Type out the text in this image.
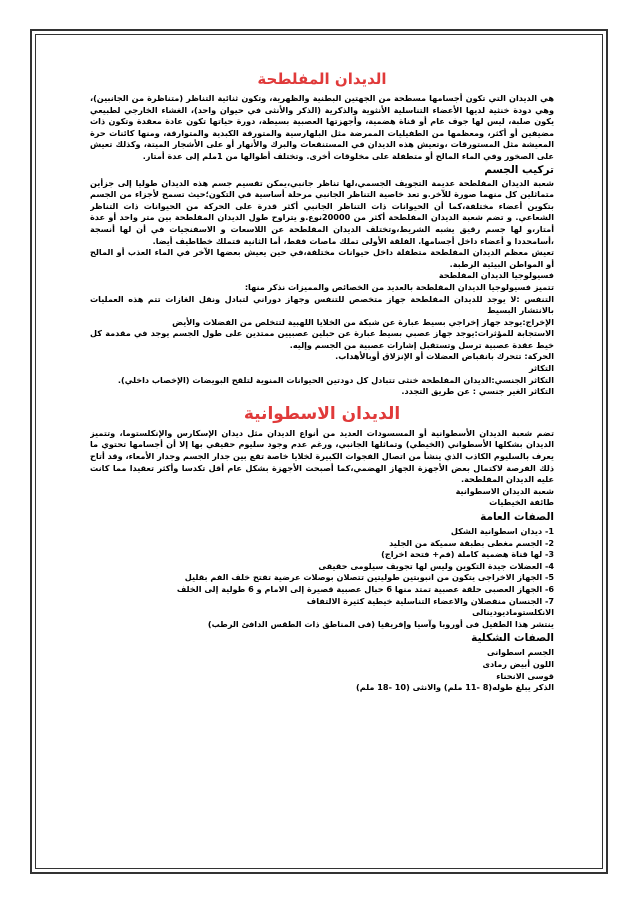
الديدان المفلطحة

هي الديدان التي تكون أجسامها مسطحة من الجهتين البطنية والظهرية، وتكون ثنائية التناظر (متناظرة من الجانبين)، وهي دودة خنثية لديها الأعضاء التناسلية الأنثوية والذكرية (الذكر والأنثى في حيوان واحد)، الغشاء الخارجي لطبيعي يكون صلبة، ليس لها جوف عام أو قناة هضمية، وأجهزتها العصبية بسيطة، دورة حياتها تكون عادة معقدة وتكون ذات مضيفين أو أكثر، ومعظمها من الطفيليات الممرضة مثل البلهارسية والمتورقة الكبدية والمتوارقة، ومنها كائنات حرة المعيشة مثل المستورقات ،وتعيش هذه الديدان في المستنقعات والبرك والأنهار أو على الأشجار الميتة، وكذلك تعيش على الصخور وفي الماء المالح أو متطفلة على مخلوقات أخرى. وتختلف أطوالها من 1ملم إلى عدة أمتار.

تركيب الجسم

شعبة الديدان المفلطحة عديمة التجويف الجسمي،لها تناظر جانبي،يمكن تقسيم جسم هذه الديدان طوليا إلى جزأين متماثلين كل منهما صورة للآخر.و تعد خاصية التناظر الجانبي مرحلة أساسية في التكون؛حيث تسمح لأجزاء من الجسم بتكوين أعضاء مختلفة،كما أن الحيوانات ذات التناظر الجانبي أكثر قدرة على الحركة من الحيوانات ذات التناظر الشعاعي. و تضم شعبة الديدان المفلطحة أكثر من 20000نوع.و يتراوح طول الديدان المفلطحة بين متر واحد أو عدة أمتار،و لها جسم رقيق يشبه الشريط،وتختلف الديدان المفلطحة عن اللاسعات و الاسفنجيات في أن لها أنسجة ،أسامحددا و أعضاء داخل أجسامها. الفلقة الأولى تملك ماصات فقط، أما الثانية فتملك خطاطيف أيضا.

تعيش معظم الديدان المفلطحة متطفلة داخل حيوانات مختلفة،في حين يعيش بعضها الآخر في الماء العذب أو المالح أو المواطن البيئية الرطبة.

فسيولوجيا الديدان المفلطحة

تتميز فسيولوجيا الديدان المفلطحة بالعديد من الخصائص والمميزات نذكر منها:

التنفس :لا يوجد للديدان المفلطحة جهاز متخصص للتنفس وجهاز دوراني لتبادل ونقل الغازات تتم هذه العمليات بالانتشار البسيط

الإخراج:يوجد جهاز إخراجي بسيط عبارة عن شبكة من الخلايا اللهبية لتتخلص من الفضلات والأيض

الاستجابة للمؤثرات:يوجد جهاز عصبي بسيط عبارة عن حبلين عصبيين ممتدين على طول الجسم يوجد في مقدمة كل خيط عقدة عصبية ترسل وتستقبل إشارات عصبية من الجسم وإليه.

الحركة: تتحرك بانقباض العضلات أو الإنزلاق أوبالأهداب.

التكاثر

التكاثر الجنسي:الديدان المفلطحة خنثى تتبادل كل دودتين الحيوانات المنوية لتلقح البويضات (الإخصاب داخلي).

التكاثر الغير جنسي : عن طريق التجدد.

الديدان الاسطوانية

تضم شعبة الديدان الأسطوانية أو المسسودات العديد من أنواع الديدان مثل ديدان الإسكارس والإنكلستوما، وتتميز الديدان بشكلها الأسطواني (الخيطي) وتماثلها الجانبي، ورغم عدم وجود سليوم حقيقي بها إلا أن أجسامها تحتوي ما يعرف بالسليوم الكاذب الذي ينشأ من اتصال الفجوات الكبيرة لخلايا خاصة تقع بين جدار الجسم وجدار الأمعاء، وقد أتاح ذلك الفرصة لاكتمال بعض الأجهزة الجهاز الهضمي،كما أصبحت الأجهزة بشكل عام أقل تكدسا وأكثر تعقيدا مما كانت عليه الديدان المفلطحة.

شعبة الديدان الاسطوانية

طائفة الخيطيات

الصفات العامة

1- ديدان اسطوانية الشكل

2- الجسم مغطى بطبقة سميكة من الجليد

3- لها قناة هضمية كاملة (فم+ فتحة اخراج)

4- العضلات جيدة التكوين وليس لها تجويف سيلومى حقيقى

5- الجهاز الاخراجى يتكون من انبوبتين طوليتين تتصلان بوصلات عرضية تفتح خلف الفم بقليل

6- الجهاز العصبى حلقة عصبية تمتد منها 6 حبال عصبية قصيرة إلى الامام و 6 طولية إلى الخلف

7- الجنسان منفصلان والاعضاء التناسلية خيطية كثيرة الالتفاف

الانكلستوماديودينالى

ينتشر هذا الطفيل فى أوروبا وآسيا وإفريقيا (فى المناطق ذات الطقس الدافئ الرطب)

الصفات الشكلية

الجسم اسطوانى

اللون أبيض رمادى

قوسى الانحناء

الذكر يبلغ طوله(8 -11 ملم) والانثى (10 -18 ملم)
